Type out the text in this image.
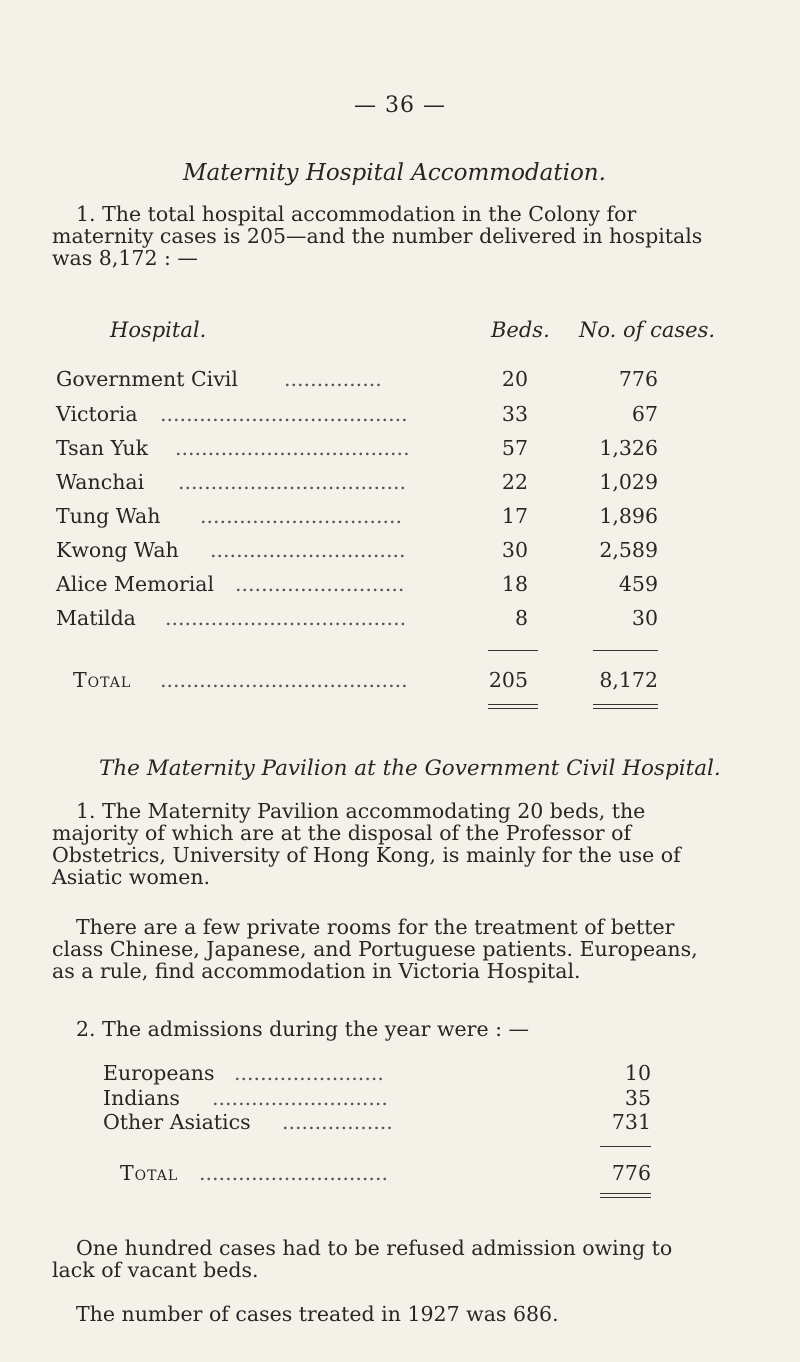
— 36 —
Maternity Hospital Accommodation.
1. The total hospital accommodation in the Colony for
maternity cases is 205—and the number delivered in hospitals
was 8,172 : —
Hospital.	Beds. No. of cases.
Government Civil ...............	20	776
Victoria ......................................	33	67
Tsan Yuk ....................................	57	1,326
Wanchai ...................................	22	1,029
Tung Wah ...............................	17	1,896
Kwong Wah ..............................	30	2,589
Alice Memorial ..........................	18	459
Matilda .....................................	8	30
Total ......................................	205	8,172
The Maternity Pavilion at the Government Civil Hospital.
1. The Maternity Pavilion accommodating 20 beds, the
majority of which are at the disposal of the Professor of
Obstetrics, University of Hong Kong, is mainly for the use of
Asiatic women.
There are a few private rooms for the treatment of better
class Chinese, Japanese, and Portuguese patients. Europeans,
as a rule, find accommodation in Victoria Hospital.
2. The admissions during the year were : —
Europeans .......................	10
Indians ...........................	35
Other Asiatics .................	731
Total .............................	776
One hundred cases had to be refused admission owing to
lack of vacant beds.
The number of cases treated in 1927 was 686.
